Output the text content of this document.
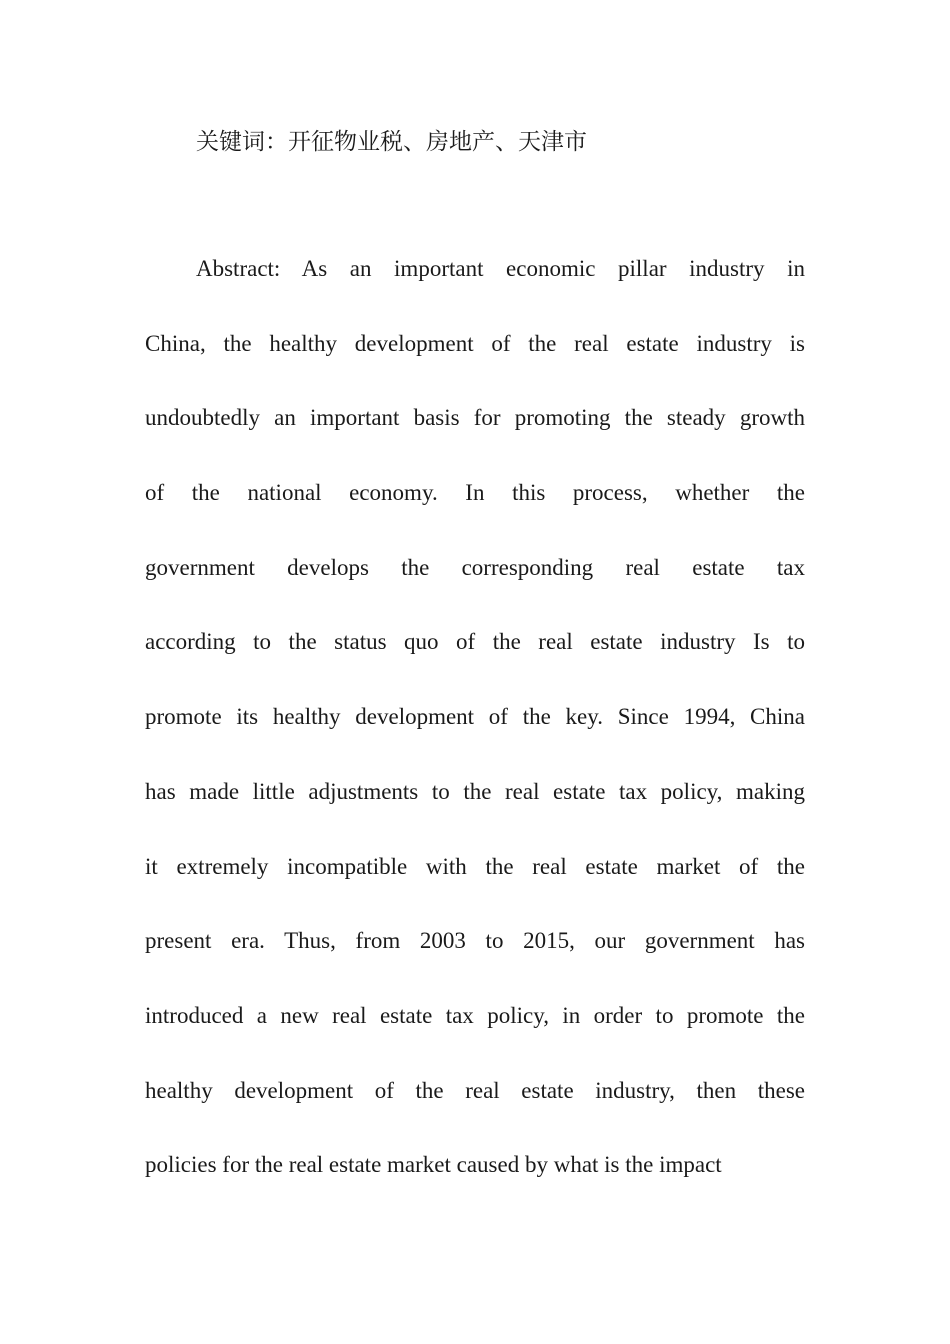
关键词：开征物业税、房地产、天津市
Abstract: As an important economic pillar industry in
China, the healthy development of the real estate industry is
undoubtedly an important basis for promoting the steady growth
of the national economy. In this process, whether the
government develops the corresponding real estate tax
according to the status quo of the real estate industry Is to
promote its healthy development of the key. Since 1994, China
has made little adjustments to the real estate tax policy, making
it extremely incompatible with the real estate market of the
present era. Thus, from 2003 to 2015, our government has
introduced a new real estate tax policy, in order to promote the
healthy development of the real estate industry, then these
policies for the real estate market caused by what is the impact
